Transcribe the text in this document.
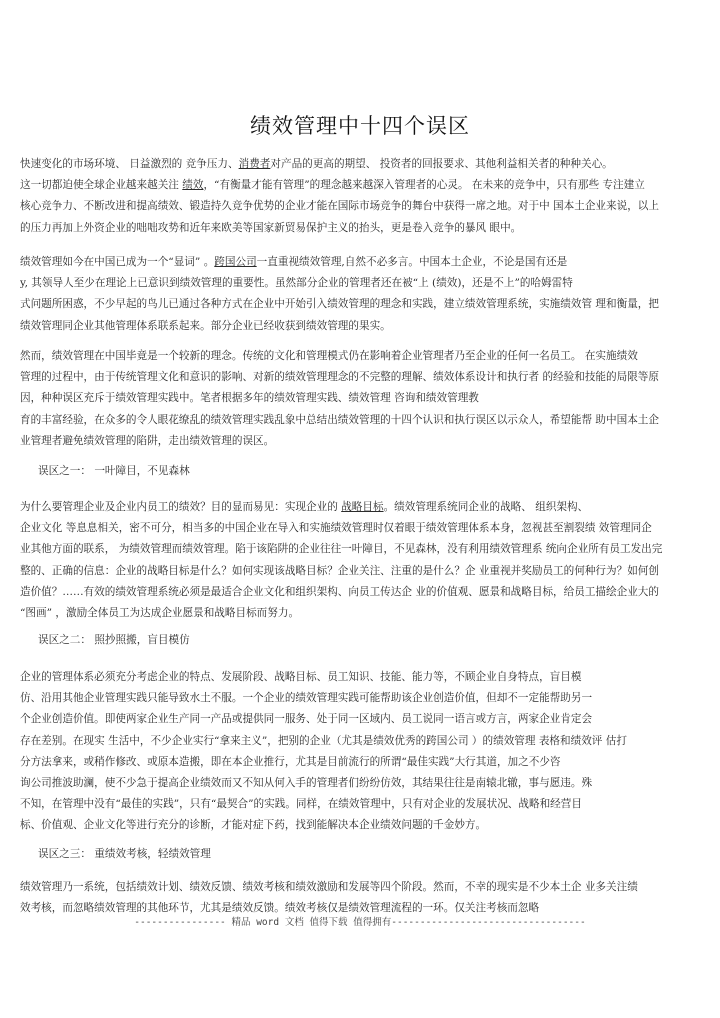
绩效管理中十四个误区

快速变化的市场环境、 日益激烈的 竞争压力、消费者对产品的更高的期望、 投资者的回报要求、其他利益相关者的种种关心。

这一切都迫使全球企业越来越关注 绩效，“有衡量才能有管理”的理念越来越深入管理者的心灵。 在未来的竞争中，只有那些 专注建立

核心竞争力、不断改进和提高绩效、锻造持久竞争优势的企业才能在国际市场竞争的舞台中获得一席之地。对于中 国本土企业来说，以上

的压力再加上外资企业的咄咄攻势和近年来欧美等国家新贸易保护主义的抬头，更是卷入竞争的暴风 眼中。

绩效管理如今在中国已成为一个“显词” 。跨国公司一直重视绩效管理,自然不必多言。中国本土企业，不论是国有还是

y, 其领导人至少在理论上已意识到绩效管理的重要性。虽然部分企业的管理者还在被“上 (绩效)，还是不上”的哈姆雷特

式问题所困惑，不少早起的鸟儿已通过各种方式在企业中开始引入绩效管理的理念和实践，建立绩效管理系统，实施绩效管 理和衡量，把

绩效管理同企业其他管理体系联系起来。部分企业已经收获到绩效管理的果实。

然而，绩效管理在中国毕竟是一个较新的理念。传统的文化和管理模式仍在影响着企业管理者乃至企业的任何一名员工。 在实施绩效

管理的过程中，由于传统管理文化和意识的影响、对新的绩效管理理念的不完整的理解、绩效体系设计和执行者 的经验和技能的局限等原

因，种种误区充斥于绩效管理实践中。笔者根据多年的绩效管理实践、绩效管理 咨询和绩效管理教

育的丰富经验，在众多的令人眼花缭乱的绩效管理实践乱象中总结出绩效管理的十四个认识和执行误区以示众人，希望能帮 助中国本土企

业管理者避免绩效管理的陷阱，走出绩效管理的误区。

误区之一： 一叶障目，不见森林

为什么要管理企业及企业内员工的绩效？目的显而易见：实现企业的 战略目标。绩效管理系统同企业的战略、 组织架构、

企业文化 等息息相关，密不可分，相当多的中国企业在导入和实施绩效管理时仅着眼于绩效管理体系本身，忽视甚至割裂绩 效管理同企

业其他方面的联系， 为绩效管理而绩效管理。陷于该陷阱的企业往往一叶障目，不见森林，没有利用绩效管理系 统向企业所有员工发出完

整的、正确的信息：企业的战略目标是什么？如何实现该战略目标？企业关注、注重的是什么？企 业重视并奖励员工的何种行为？如何创

造价值？……有效的绩效管理系统必须是最适合企业文化和组织架构、向员工传达企 业的价值观、愿景和战略目标，给员工描绘企业大的

“图画” ，激励全体员工为达成企业愿景和战略目标而努力。

误区之二： 照抄照搬，盲目模仿

企业的管理体系必须充分考虑企业的特点、发展阶段、战略目标、员工知识、技能、能力等，不顾企业自身特点，盲目模

仿、沿用其他企业管理实践只能导致水土不服。一个企业的绩效管理实践可能帮助该企业创造价值，但却不一定能帮助另一

个企业创造价值。即使两家企业生产同一产品或提供同一服务、处于同一区域内、员工说同一语言或方言，两家企业肯定会

存在差别。在现实 生活中，不少企业实行“拿来主义”，把别的企业（尤其是绩效优秀的跨国公司 ）的绩效管理 表格和绩效评 估打

分方法拿来，或稍作修改、或原本造搬，即在本企业推行，尤其是目前流行的所谓“最佳实践”大行其道，加之不少咨

询公司推波助澜，使不少急于提高企业绩效而又不知从何入手的管理者们纷纷仿效，其结果往往是南辕北辙，事与愿违。殊

不知，在管理中没有“最佳的实践”，只有“最契合”的实践。同样，在绩效管理中，只有对企业的发展状况、战略和经营目

标、价值观、企业文化等进行充分的诊断，才能对症下药，找到能解决本企业绩效问题的千金妙方。

误区之三： 重绩效考核，轻绩效管理

绩效管理乃一系统，包括绩效计划、绩效反馈、绩效考核和绩效激励和发展等四个阶段。然而，不幸的现实是不少本土企 业多关注绩

效考核，而忽略绩效管理的其他环节，尤其是绩效反馈。绩效考核仅是绩效管理流程的一环。仅关注考核而忽略

---------------- 精品 word 文档 值得下载 值得拥有----------------------------------
